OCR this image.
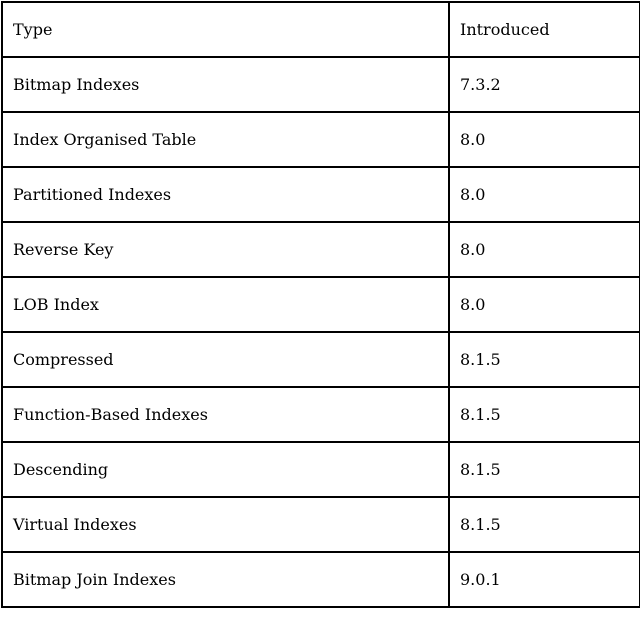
Type	Introduced
Bitmap Indexes	7.3.2
Index Organised Table	8.0
Partitioned Indexes	8.0
Reverse Key	8.0
LOB Index	8.0
Compressed	8.1.5
Function-Based Indexes	8.1.5
Descending	8.1.5
Virtual Indexes	8.1.5
Bitmap Join Indexes	9.0.1
